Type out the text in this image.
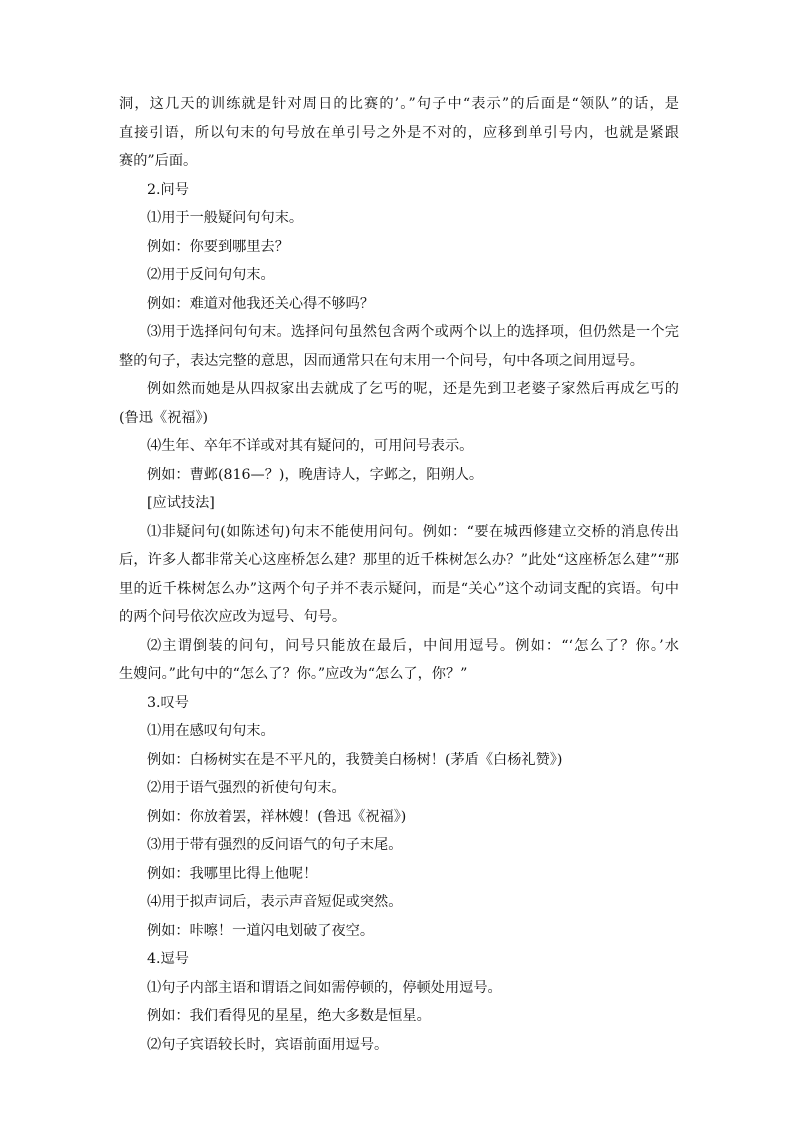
洞，这几天的训练就是针对周日的比赛的’。”句子中“表示”的后面是“领队”的话，是
直接引语，所以句末的句号放在单引号之外是不对的，应移到单引号内，也就是紧跟
赛的”后面。
2.问号
⑴用于一般疑问句句末。
例如：你要到哪里去？
⑵用于反问句句末。
例如：难道对他我还关心得不够吗？
⑶用于选择问句句末。选择问句虽然包含两个或两个以上的选择项，但仍然是一个完
整的句子，表达完整的意思，因而通常只在句末用一个问号，句中各项之间用逗号。
例如然而她是从四叔家出去就成了乞丐的呢，还是先到卫老婆子家然后再成乞丐的
(鲁迅《祝福》)
⑷生年、卒年不详或对其有疑问的，可用问号表示。
例如：曹邺(816—？)，晚唐诗人，字邺之，阳朔人。
[应试技法]
⑴非疑问句(如陈述句)句末不能使用问句。例如：“要在城西修建立交桥的消息传出
后，许多人都非常关心这座桥怎么建？那里的近千株树怎么办？”此处“这座桥怎么建”“那
里的近千株树怎么办”这两个句子并不表示疑问，而是“关心”这个动词支配的宾语。句中
的两个问号依次应改为逗号、句号。
⑵主谓倒装的问句，问号只能放在最后，中间用逗号。例如：“‘怎么了？你。’水
生嫂问。”此句中的“怎么了？你。”应改为“怎么了，你？”
3.叹号
⑴用在感叹句句末。
例如：白杨树实在是不平凡的，我赞美白杨树！(茅盾《白杨礼赞》)
⑵用于语气强烈的祈使句句末。
例如：你放着罢，祥林嫂！(鲁迅《祝福》)
⑶用于带有强烈的反问语气的句子末尾。
例如：我哪里比得上他呢！
⑷用于拟声词后，表示声音短促或突然。
例如：咔嚓！一道闪电划破了夜空。
4.逗号
⑴句子内部主语和谓语之间如需停顿的，停顿处用逗号。
例如：我们看得见的星星，绝大多数是恒星。
⑵句子宾语较长时，宾语前面用逗号。
